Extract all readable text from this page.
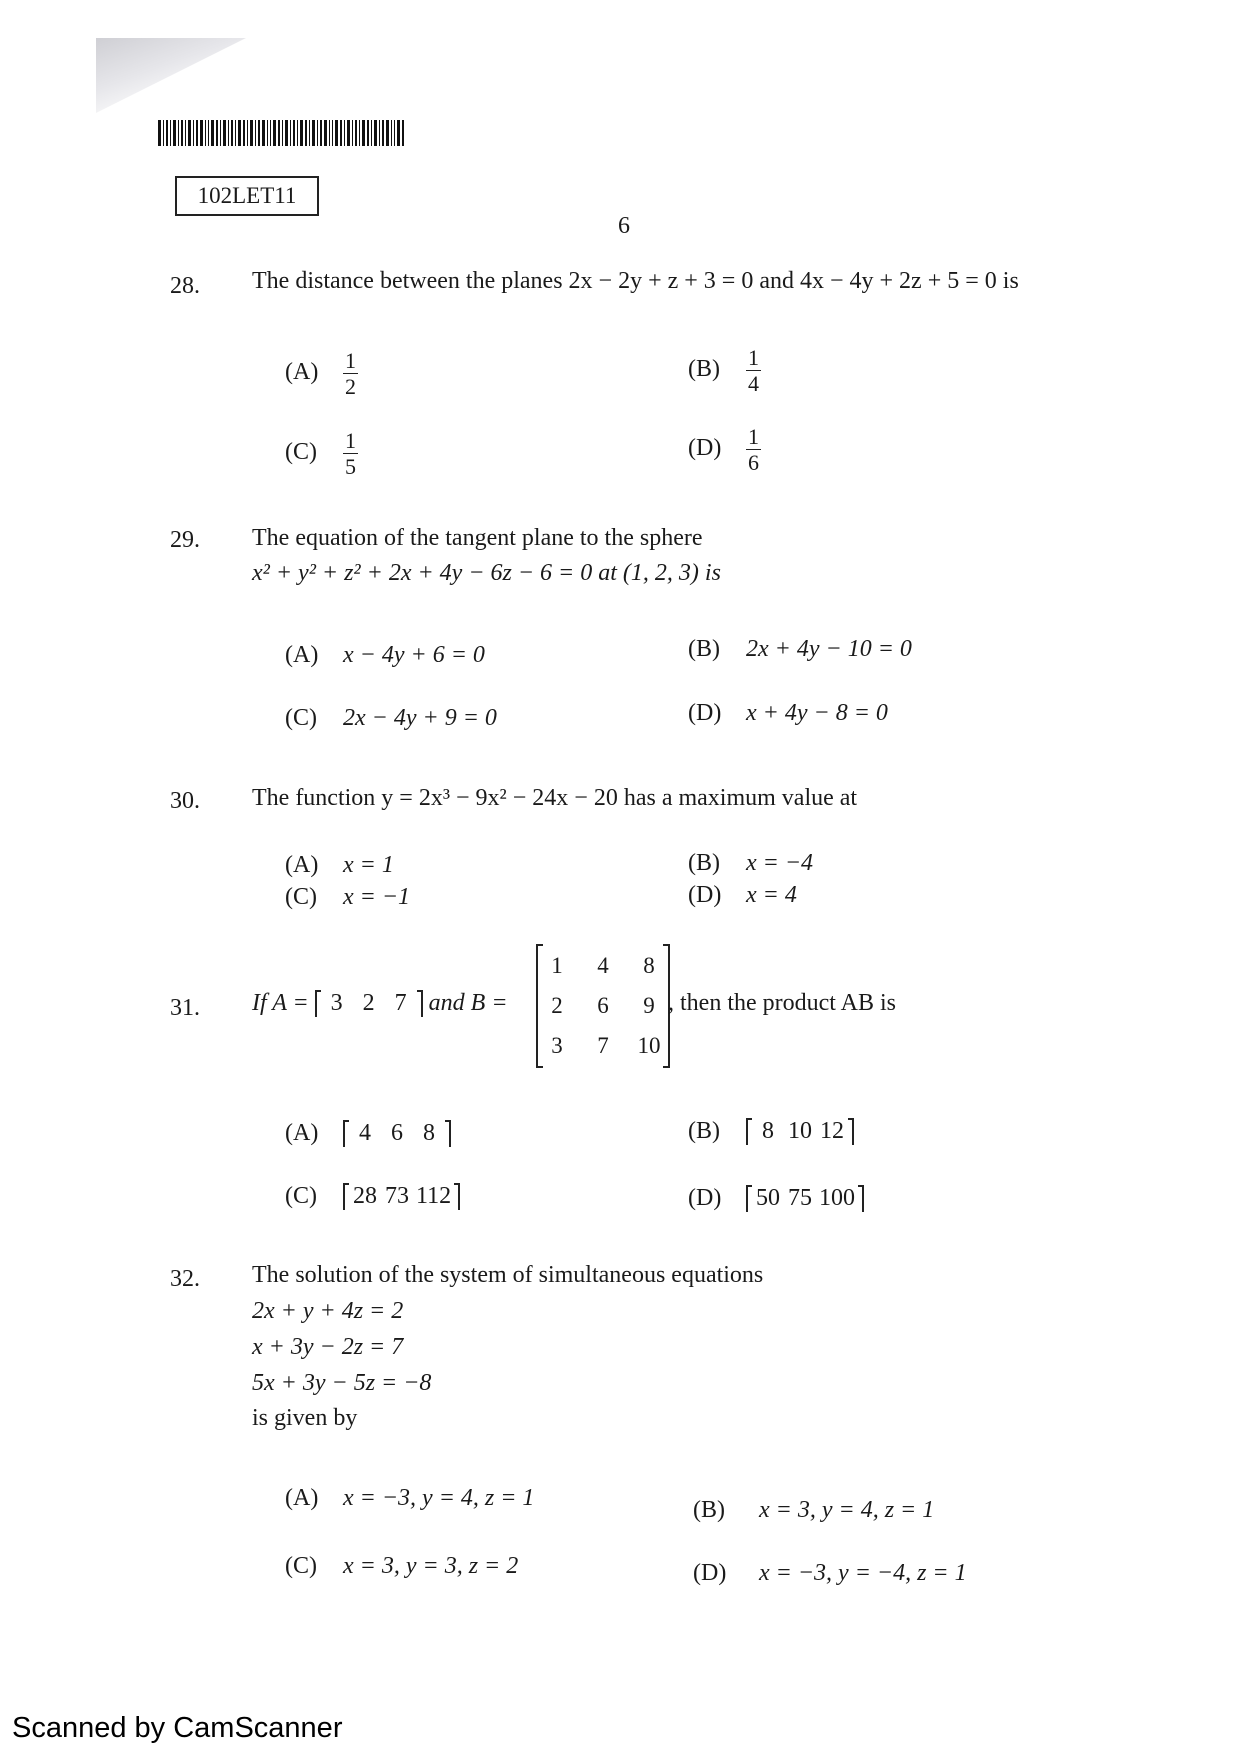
102LET11
6
28. The distance between the planes 2x − 2y + z + 3 = 0 and 4x − 4y + 2z + 5 = 0 is
$(A) \frac{1}{2}$	$(B) \frac{1}{4}$
$(C) \frac{1}{5}$	$(D) \frac{1}{6}$
29. The equation of the tangent plane to the sphere
x² + y² + z² + 2x + 4y − 6z − 6 = 0 at (1, 2, 3) is
(A) x − 4y + 6 = 0	(B) 2x + 4y − 10 = 0
(C) 2x − 4y + 9 = 0	(D) x + 4y − 8 = 0
30. The function y = 2x³ − 9x² − 24x − 20 has a maximum value at
(A) x = 1	(B) x = −4
(C) x = −1	(D) x = 4
31. If A = 3 2 7 and B =
1	4	8
2	6	9
3	7	10
, then the product AB is
(A) 4 6 8	(B) 8 10 12
(C) 28 73 112	(D) 50 75 100
32. The solution of the system of simultaneous equations
2x + y + 4z = 2
x + 3y − 2z = 7
5x + 3y − 5z = −8
is given by
(A) x = −3, y = 4, z = 1	(B) x = 3, y = 4, z = 1
(C) x = 3, y = 3, z = 2	(D) x = −3, y = −4, z = 1
Scanned by CamScanner
